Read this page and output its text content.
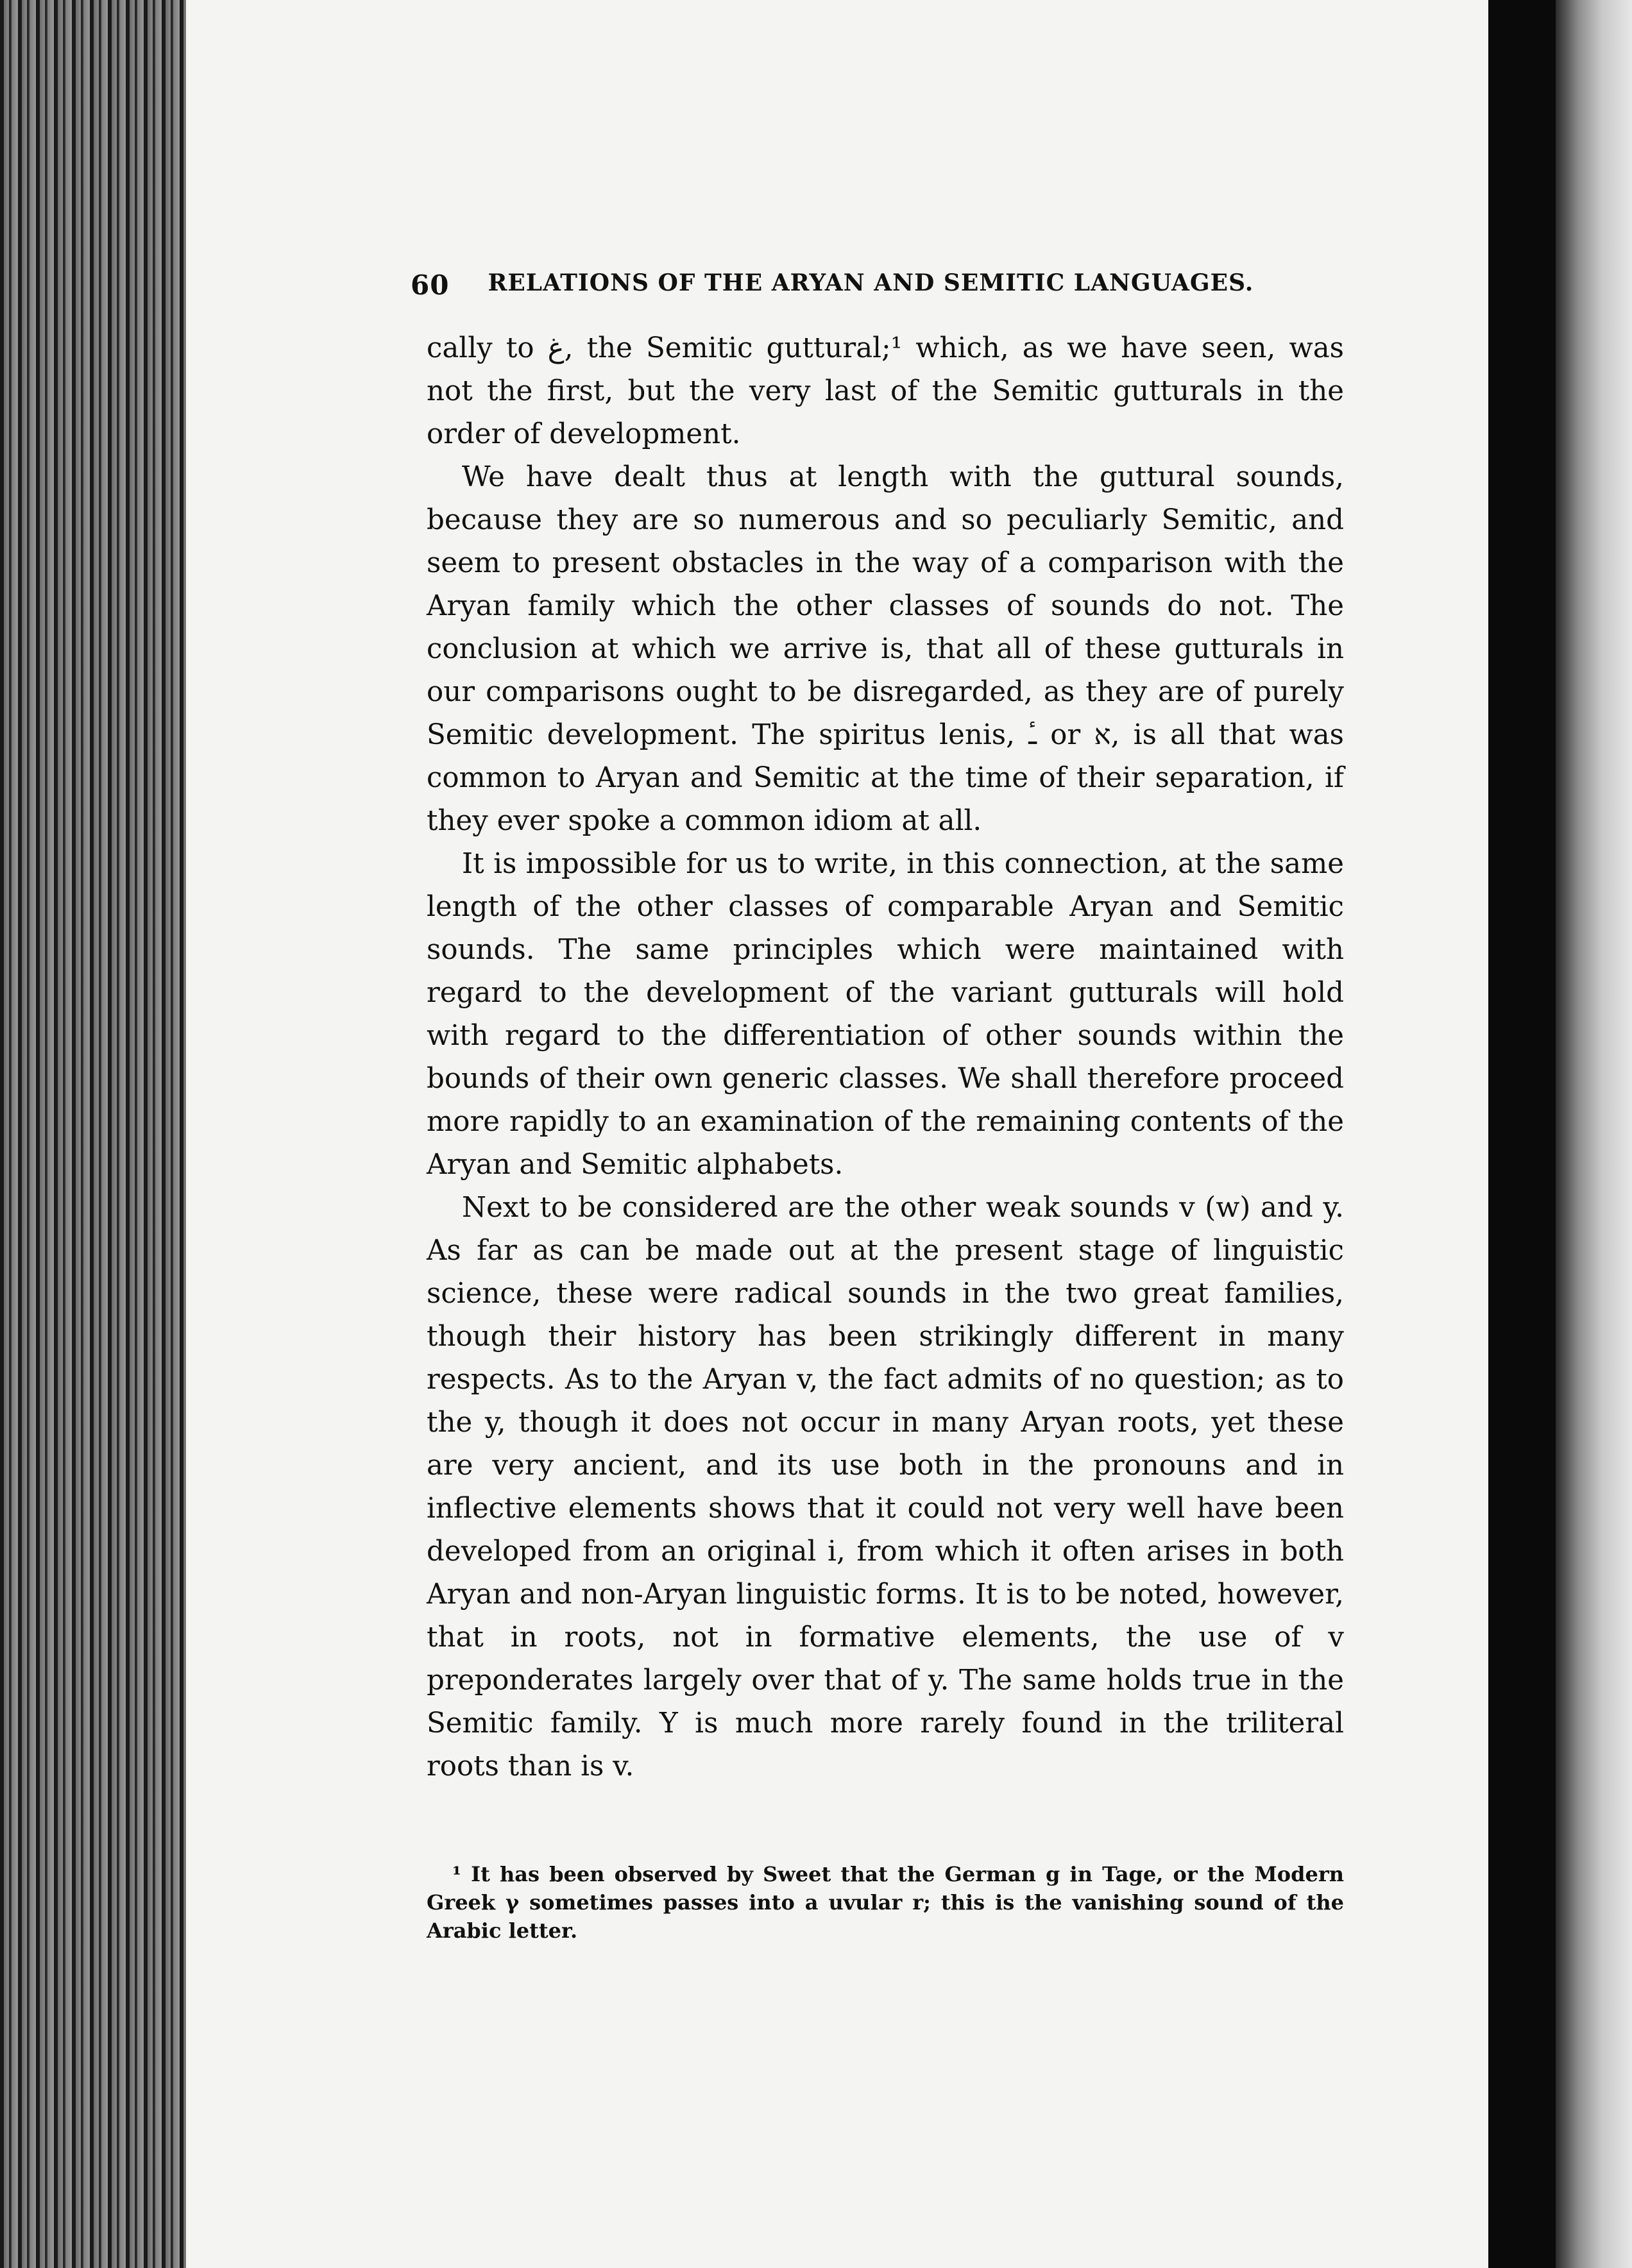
60 RELATIONS OF THE ARYAN AND SEMITIC LANGUAGES.

cally to غ, the Semitic guttural;¹ which, as we have seen, was not the first, but the very last of the Semitic gutturals in the order of development.

We have dealt thus at length with the guttural sounds, because they are so numerous and so peculiarly Semitic, and seem to present obstacles in the way of a comparison with the Aryan family which the other classes of sounds do not. The conclusion at which we arrive is, that all of these gutturals in our comparisons ought to be disregarded, as they are of purely Semitic development. The spiritus lenis, ـٔ or א, is all that was common to Aryan and Semitic at the time of their separation, if they ever spoke a common idiom at all.

It is impossible for us to write, in this connection, at the same length of the other classes of comparable Aryan and Semitic sounds. The same principles which were maintained with regard to the development of the variant gutturals will hold with regard to the differentiation of other sounds within the bounds of their own generic classes. We shall therefore proceed more rapidly to an examination of the remaining contents of the Aryan and Semitic alphabets.

Next to be considered are the other weak sounds v (w) and y. As far as can be made out at the present stage of linguistic science, these were radical sounds in the two great families, though their history has been strikingly different in many respects. As to the Aryan v, the fact admits of no question; as to the y, though it does not occur in many Aryan roots, yet these are very ancient, and its use both in the pronouns and in inflective elements shows that it could not very well have been developed from an original i, from which it often arises in both Aryan and non-Aryan linguistic forms. It is to be noted, however, that in roots, not in formative elements, the use of v preponderates largely over that of y. The same holds true in the Semitic family. Y is much more rarely found in the triliteral roots than is v.

¹ It has been observed by Sweet that the German g in Tage, or the Modern Greek γ sometimes passes into a uvular r; this is the vanishing sound of the Arabic letter.
